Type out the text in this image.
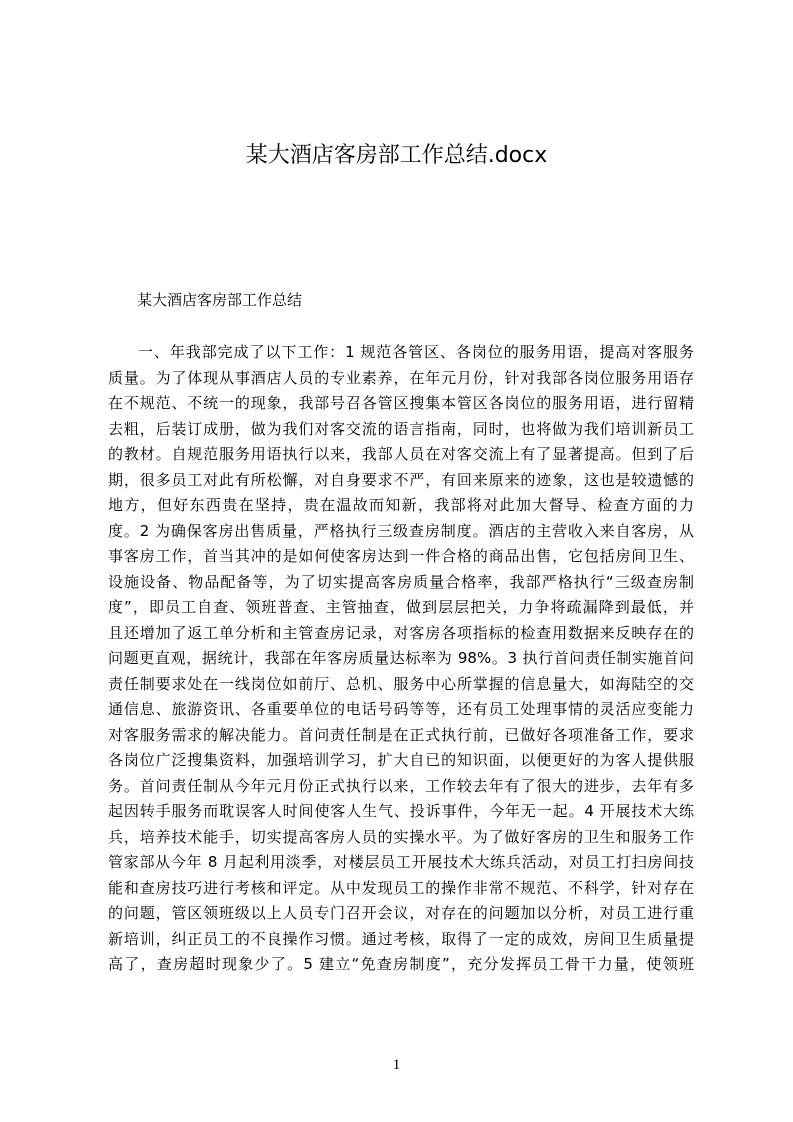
某大酒店客房部工作总结.docx

某大酒店客房部工作总结

一、年我部完成了以下工作：1 规范各管区、各岗位的服务用语，提高对客服务
质量。为了体现从事酒店人员的专业素养，在年元月份，针对我部各岗位服务用语存
在不规范、不统一的现象，我部号召各管区搜集本管区各岗位的服务用语，进行留精
去粗，后装订成册，做为我们对客交流的语言指南，同时，也将做为我们培训新员工
的教材。自规范服务用语执行以来，我部人员在对客交流上有了显著提高。但到了后
期，很多员工对此有所松懈，对自身要求不严，有回来原来的迹象，这也是较遗憾的
地方，但好东西贵在坚持，贵在温故而知新，我部将对此加大督导、检查方面的力
度。2 为确保客房出售质量，严格执行三级查房制度。酒店的主营收入来自客房，从
事客房工作，首当其冲的是如何使客房达到一件合格的商品出售，它包括房间卫生、
设施设备、物品配备等，为了切实提高客房质量合格率，我部严格执行“三级查房制
度”，即员工自查、领班普查、主管抽查，做到层层把关，力争将疏漏降到最低，并
且还增加了返工单分析和主管查房记录，对客房各项指标的检查用数据来反映存在的
问题更直观，据统计，我部在年客房质量达标率为 98%。3 执行首问责任制实施首问
责任制要求处在一线岗位如前厅、总机、服务中心所掌握的信息量大，如海陆空的交
通信息、旅游资讯、各重要单位的电话号码等等，还有员工处理事情的灵活应变能力
对客服务需求的解决能力。首问责任制是在正式执行前，已做好各项准备工作，要求
各岗位广泛搜集资料，加强培训学习，扩大自已的知识面，以便更好的为客人提供服
务。首问责任制从今年元月份正式执行以来，工作较去年有了很大的进步，去年有多
起因转手服务而耽误客人时间使客人生气、投诉事件，今年无一起。4 开展技术大练
兵，培养技术能手，切实提高客房人员的实操水平。为了做好客房的卫生和服务工作
管家部从今年 8 月起利用淡季，对楼层员工开展技术大练兵活动，对员工打扫房间技
能和查房技巧进行考核和评定。从中发现员工的操作非常不规范、不科学，针对存在
的问题，管区领班级以上人员专门召开会议，对存在的问题加以分析，对员工进行重
新培训，纠正员工的不良操作习惯。通过考核，取得了一定的成效，房间卫生质量提
高了，查房超时现象少了。5 建立“免查房制度”，充分发挥员工骨干力量，使领班

1
